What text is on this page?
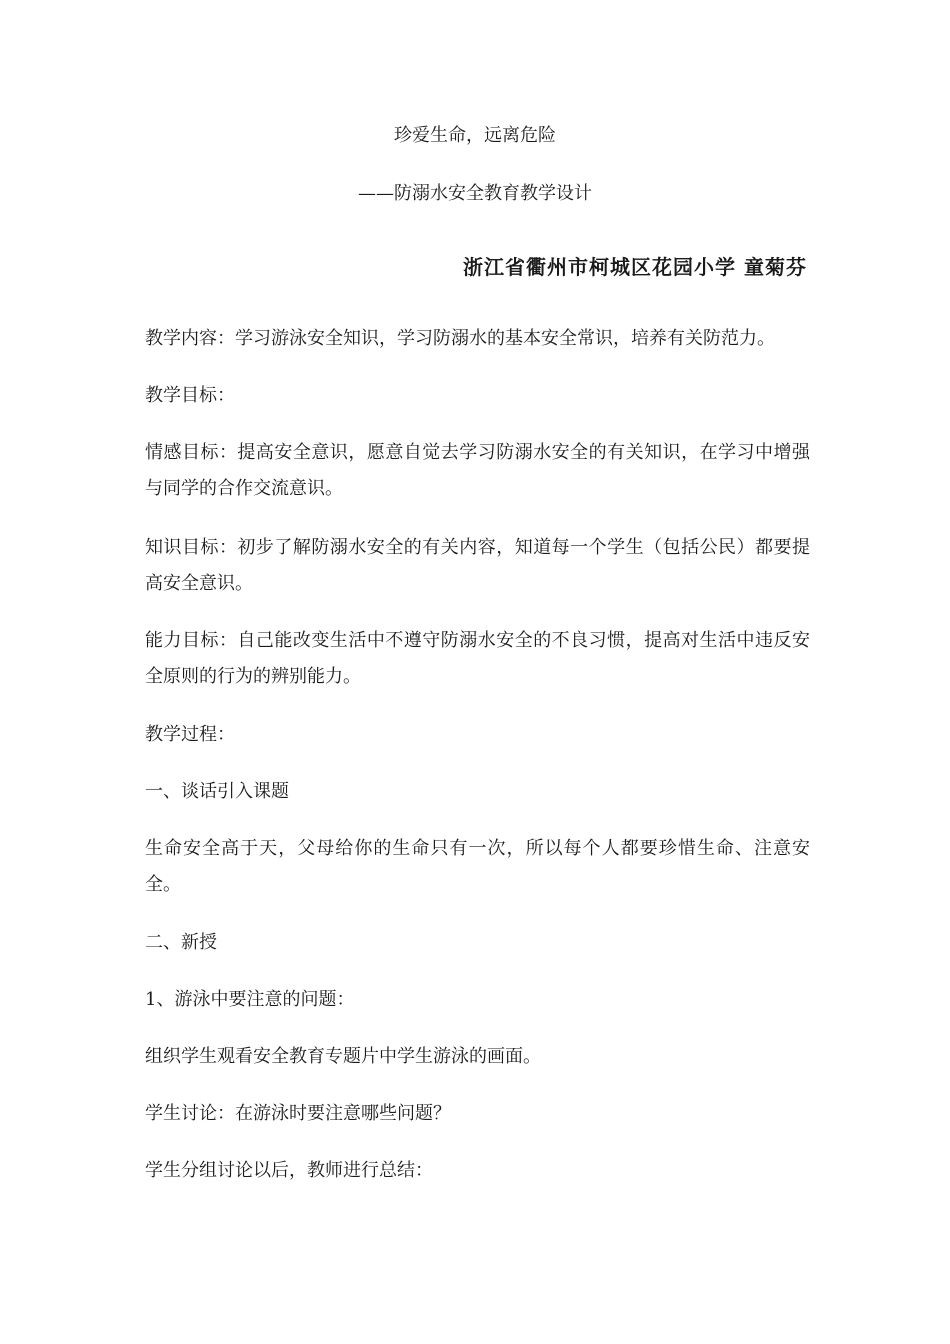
珍爱生命，远离危险
——防溺水安全教育教学设计
浙江省衢州市柯城区花园小学 童菊芬

教学内容：学习游泳安全知识，学习防溺水的基本安全常识，培养有关防范力。

教学目标：

情感目标：提高安全意识，愿意自觉去学习防溺水安全的有关知识，在学习中增强与同学的合作交流意识。

知识目标：初步了解防溺水安全的有关内容，知道每一个学生（包括公民）都要提高安全意识。

能力目标：自己能改变生活中不遵守防溺水安全的不良习惯，提高对生活中违反安全原则的行为的辨别能力。

教学过程：

一、谈话引入课题

生命安全高于天，父母给你的生命只有一次，所以每个人都要珍惜生命、注意安全。

二、新授

1、游泳中要注意的问题：

组织学生观看安全教育专题片中学生游泳的画面。

学生讨论：在游泳时要注意哪些问题？

学生分组讨论以后，教师进行总结：
